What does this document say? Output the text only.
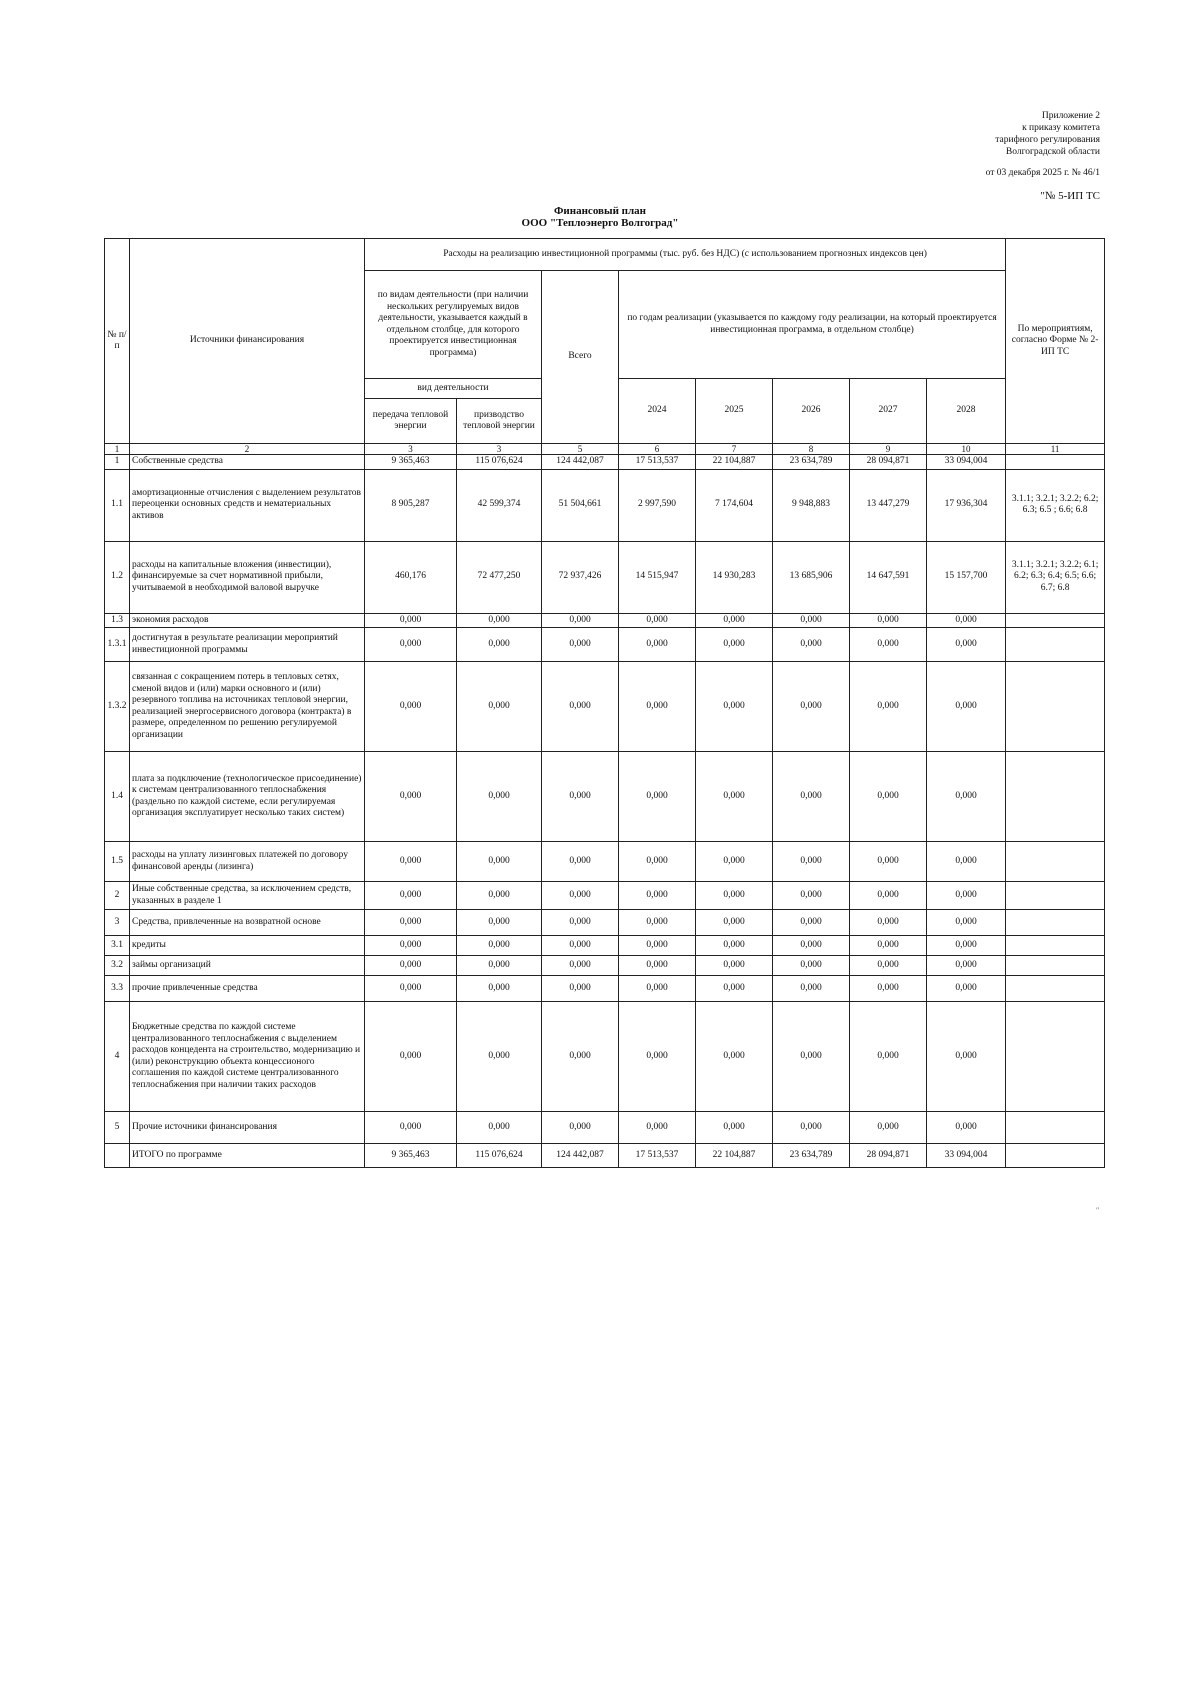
Приложение 2
к приказу комитета
тарифного регулирования
Волгоградской области
от 03 декабря 2025 г. № 46/1
"№ 5-ИП ТС
Финансовый план
ООО "Теплоэнерго Волгоград"
№ п/п	Источники финансирования	Расходы на реализацию инвестиционной программы (тыс. руб. без НДС) (с использованием прогнозных индексов цен)								По мероприятиям, согласно Форме № 2-ИП ТС
		по видам деятельности (при наличии нескольких регулируемых видов деятельности, указывается каждый в отдельном столбце, для которого проектируется инвестиционная программа)		Всего	по годам реализации (указывается по каждому году реализации, на который проектируется инвестиционная программа, в отдельном столбце)					
		вид деятельности			2024	2025	2026	2027	2028	
		передача тепловой энергии	призводство тепловой энергии							
1	2	3	3	5	6	7	8	9	10	11
1	Собственные средства	9 365,463	115 076,624	124 442,087	17 513,537	22 104,887	23 634,789	28 094,871	33 094,004	
1.1	амортизационные отчисления с выделением результатов переоценки основных средств и нематериальных активов	8 905,287	42 599,374	51 504,661	2 997,590	7 174,604	9 948,883	13 447,279	17 936,304	3.1.1; 3.2.1; 3.2.2; 6.2; 6.3; 6.5 ; 6.6; 6.8
1.2	расходы на капитальные вложения (инвестиции), финансируемые за счет нормативной прибыли, учитываемой в необходимой валовой выручке	460,176	72 477,250	72 937,426	14 515,947	14 930,283	13 685,906	14 647,591	15 157,700	3.1.1; 3.2.1; 3.2.2; 6.1; 6.2; 6.3; 6.4; 6.5; 6.6; 6.7; 6.8
1.3	экономия расходов	0,000	0,000	0,000	0,000	0,000	0,000	0,000	0,000	
1.3.1	достигнутая в результате реализации мероприятий инвестиционной программы	0,000	0,000	0,000	0,000	0,000	0,000	0,000	0,000	
1.3.2	связанная с сокращением потерь в тепловых сетях, сменой видов и (или) марки основного и (или) резервного топлива на источниках тепловой энергии, реализацией энергосервисного договора (контракта) в размере, определенном по решению регулируемой организации	0,000	0,000	0,000	0,000	0,000	0,000	0,000	0,000	
1.4	плата за подключение (технологическое присоединение) к системам централизованного теплоснабжения (раздельно по каждой системе, если регулируемая организация эксплуатирует несколько таких систем)	0,000	0,000	0,000	0,000	0,000	0,000	0,000	0,000	
1.5	расходы на уплату лизинговых платежей по договору финансовой аренды (лизинга)	0,000	0,000	0,000	0,000	0,000	0,000	0,000	0,000	
2	Иные собственные средства, за исключением средств, указанных в разделе 1	0,000	0,000	0,000	0,000	0,000	0,000	0,000	0,000	
3	Средства, привлеченные на возвратной основе	0,000	0,000	0,000	0,000	0,000	0,000	0,000	0,000	
3.1	кредиты	0,000	0,000	0,000	0,000	0,000	0,000	0,000	0,000	
3.2	займы организаций	0,000	0,000	0,000	0,000	0,000	0,000	0,000	0,000	
3.3	прочие привлеченные средства	0,000	0,000	0,000	0,000	0,000	0,000	0,000	0,000	
4	Бюджетные средства по каждой системе централизованного теплоснабжения с выделением расходов концедента на строительство, модернизацию и (или) реконструкцию объекта концессионого соглашения по каждой системе централизованного теплоснабжения при наличии таких расходов	0,000	0,000	0,000	0,000	0,000	0,000	0,000	0,000	
5	Прочие источники финансирования	0,000	0,000	0,000	0,000	0,000	0,000	0,000	0,000	
	ИТОГО по программе	9 365,463	115 076,624	124 442,087	17 513,537	22 104,887	23 634,789	28 094,871	33 094,004	
″
